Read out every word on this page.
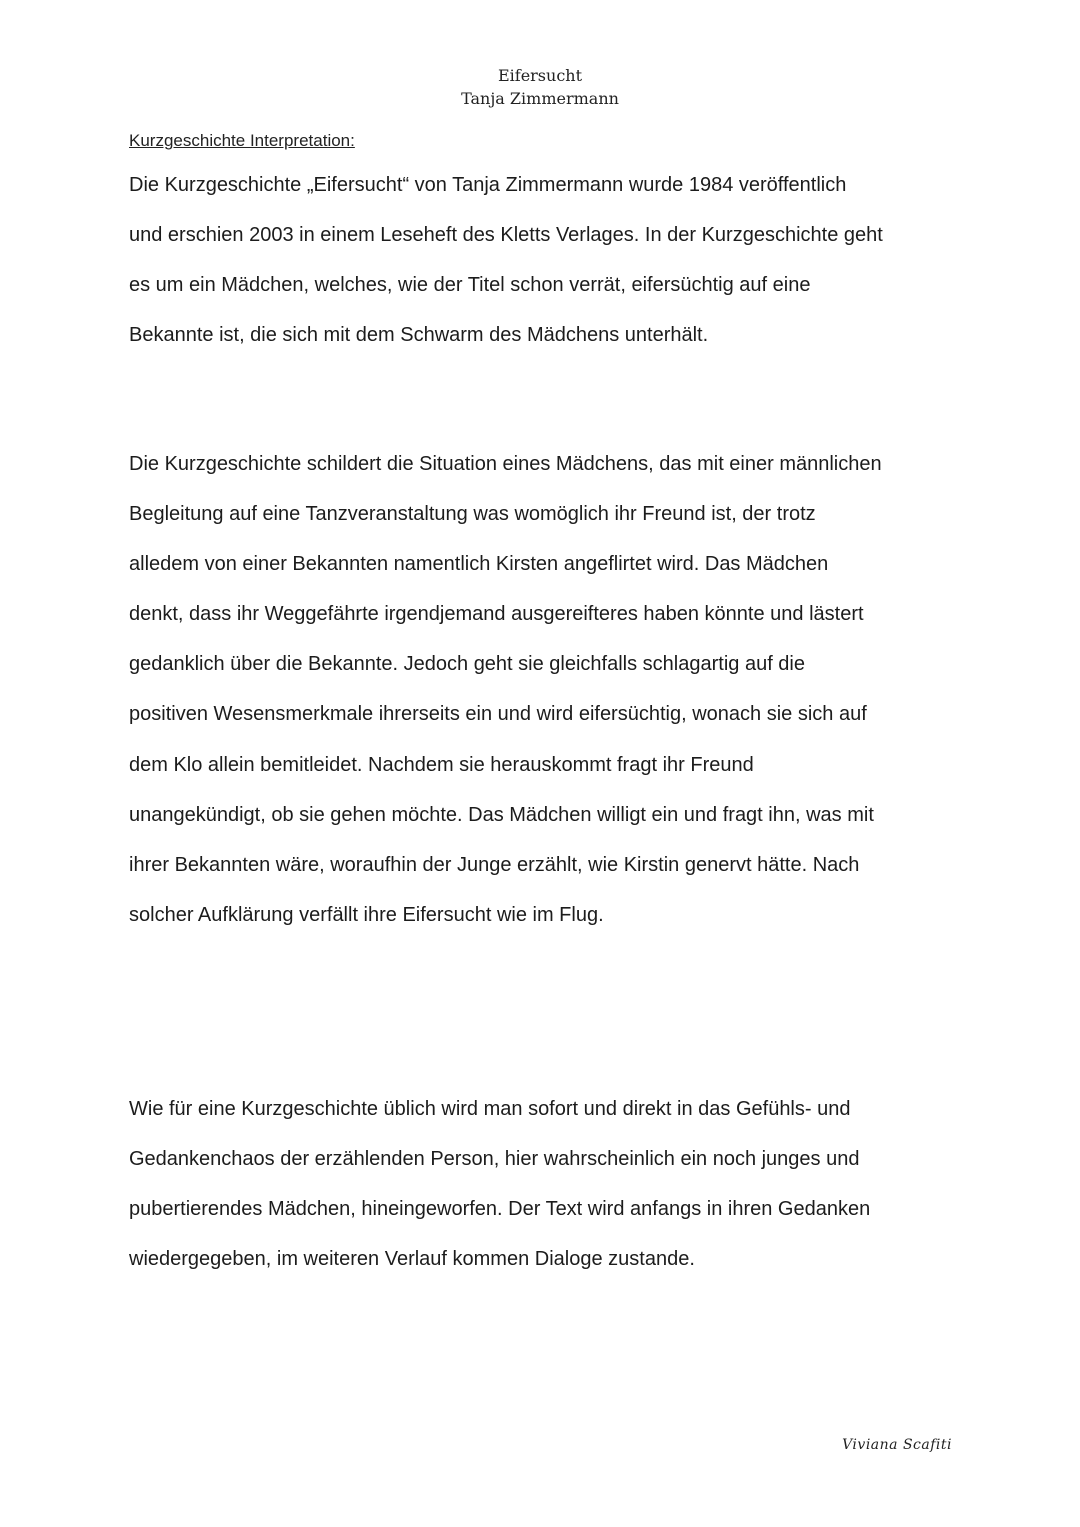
Eifersucht
Tanja Zimmermann
Kurzgeschichte Interpretation:

Die Kurzgeschichte „Eifersucht“ von Tanja Zimmermann wurde 1984 veröffentlich
und erschien 2003 in einem Leseheft des Kletts Verlages. In der Kurzgeschichte geht
es um ein Mädchen, welches, wie der Titel schon verrät, eifersüchtig auf eine
Bekannte ist, die sich mit dem Schwarm des Mädchens unterhält.

Die Kurzgeschichte schildert die Situation eines Mädchens, das mit einer männlichen
Begleitung auf eine Tanzveranstaltung was womöglich ihr Freund ist, der trotz
alledem von einer Bekannten namentlich Kirsten angeflirtet wird. Das Mädchen
denkt, dass ihr Weggefährte irgendjemand ausgereifteres haben könnte und lästert
gedanklich über die Bekannte. Jedoch geht sie gleichfalls schlagartig auf die
positiven Wesensmerkmale ihrerseits ein und wird eifersüchtig, wonach sie sich auf
dem Klo allein bemitleidet. Nachdem sie herauskommt fragt ihr Freund
unangekündigt, ob sie gehen möchte. Das Mädchen willigt ein und fragt ihn, was mit
ihrer Bekannten wäre, woraufhin der Junge erzählt, wie Kirstin genervt hätte. Nach
solcher Aufklärung verfällt ihre Eifersucht wie im Flug.

Wie für eine Kurzgeschichte üblich wird man sofort und direkt in das Gefühls- und
Gedankenchaos der erzählenden Person, hier wahrscheinlich ein noch junges und
pubertierendes Mädchen, hineingeworfen. Der Text wird anfangs in ihren Gedanken
wiedergegeben, im weiteren Verlauf kommen Dialoge zustande.

Viviana Scafiti
